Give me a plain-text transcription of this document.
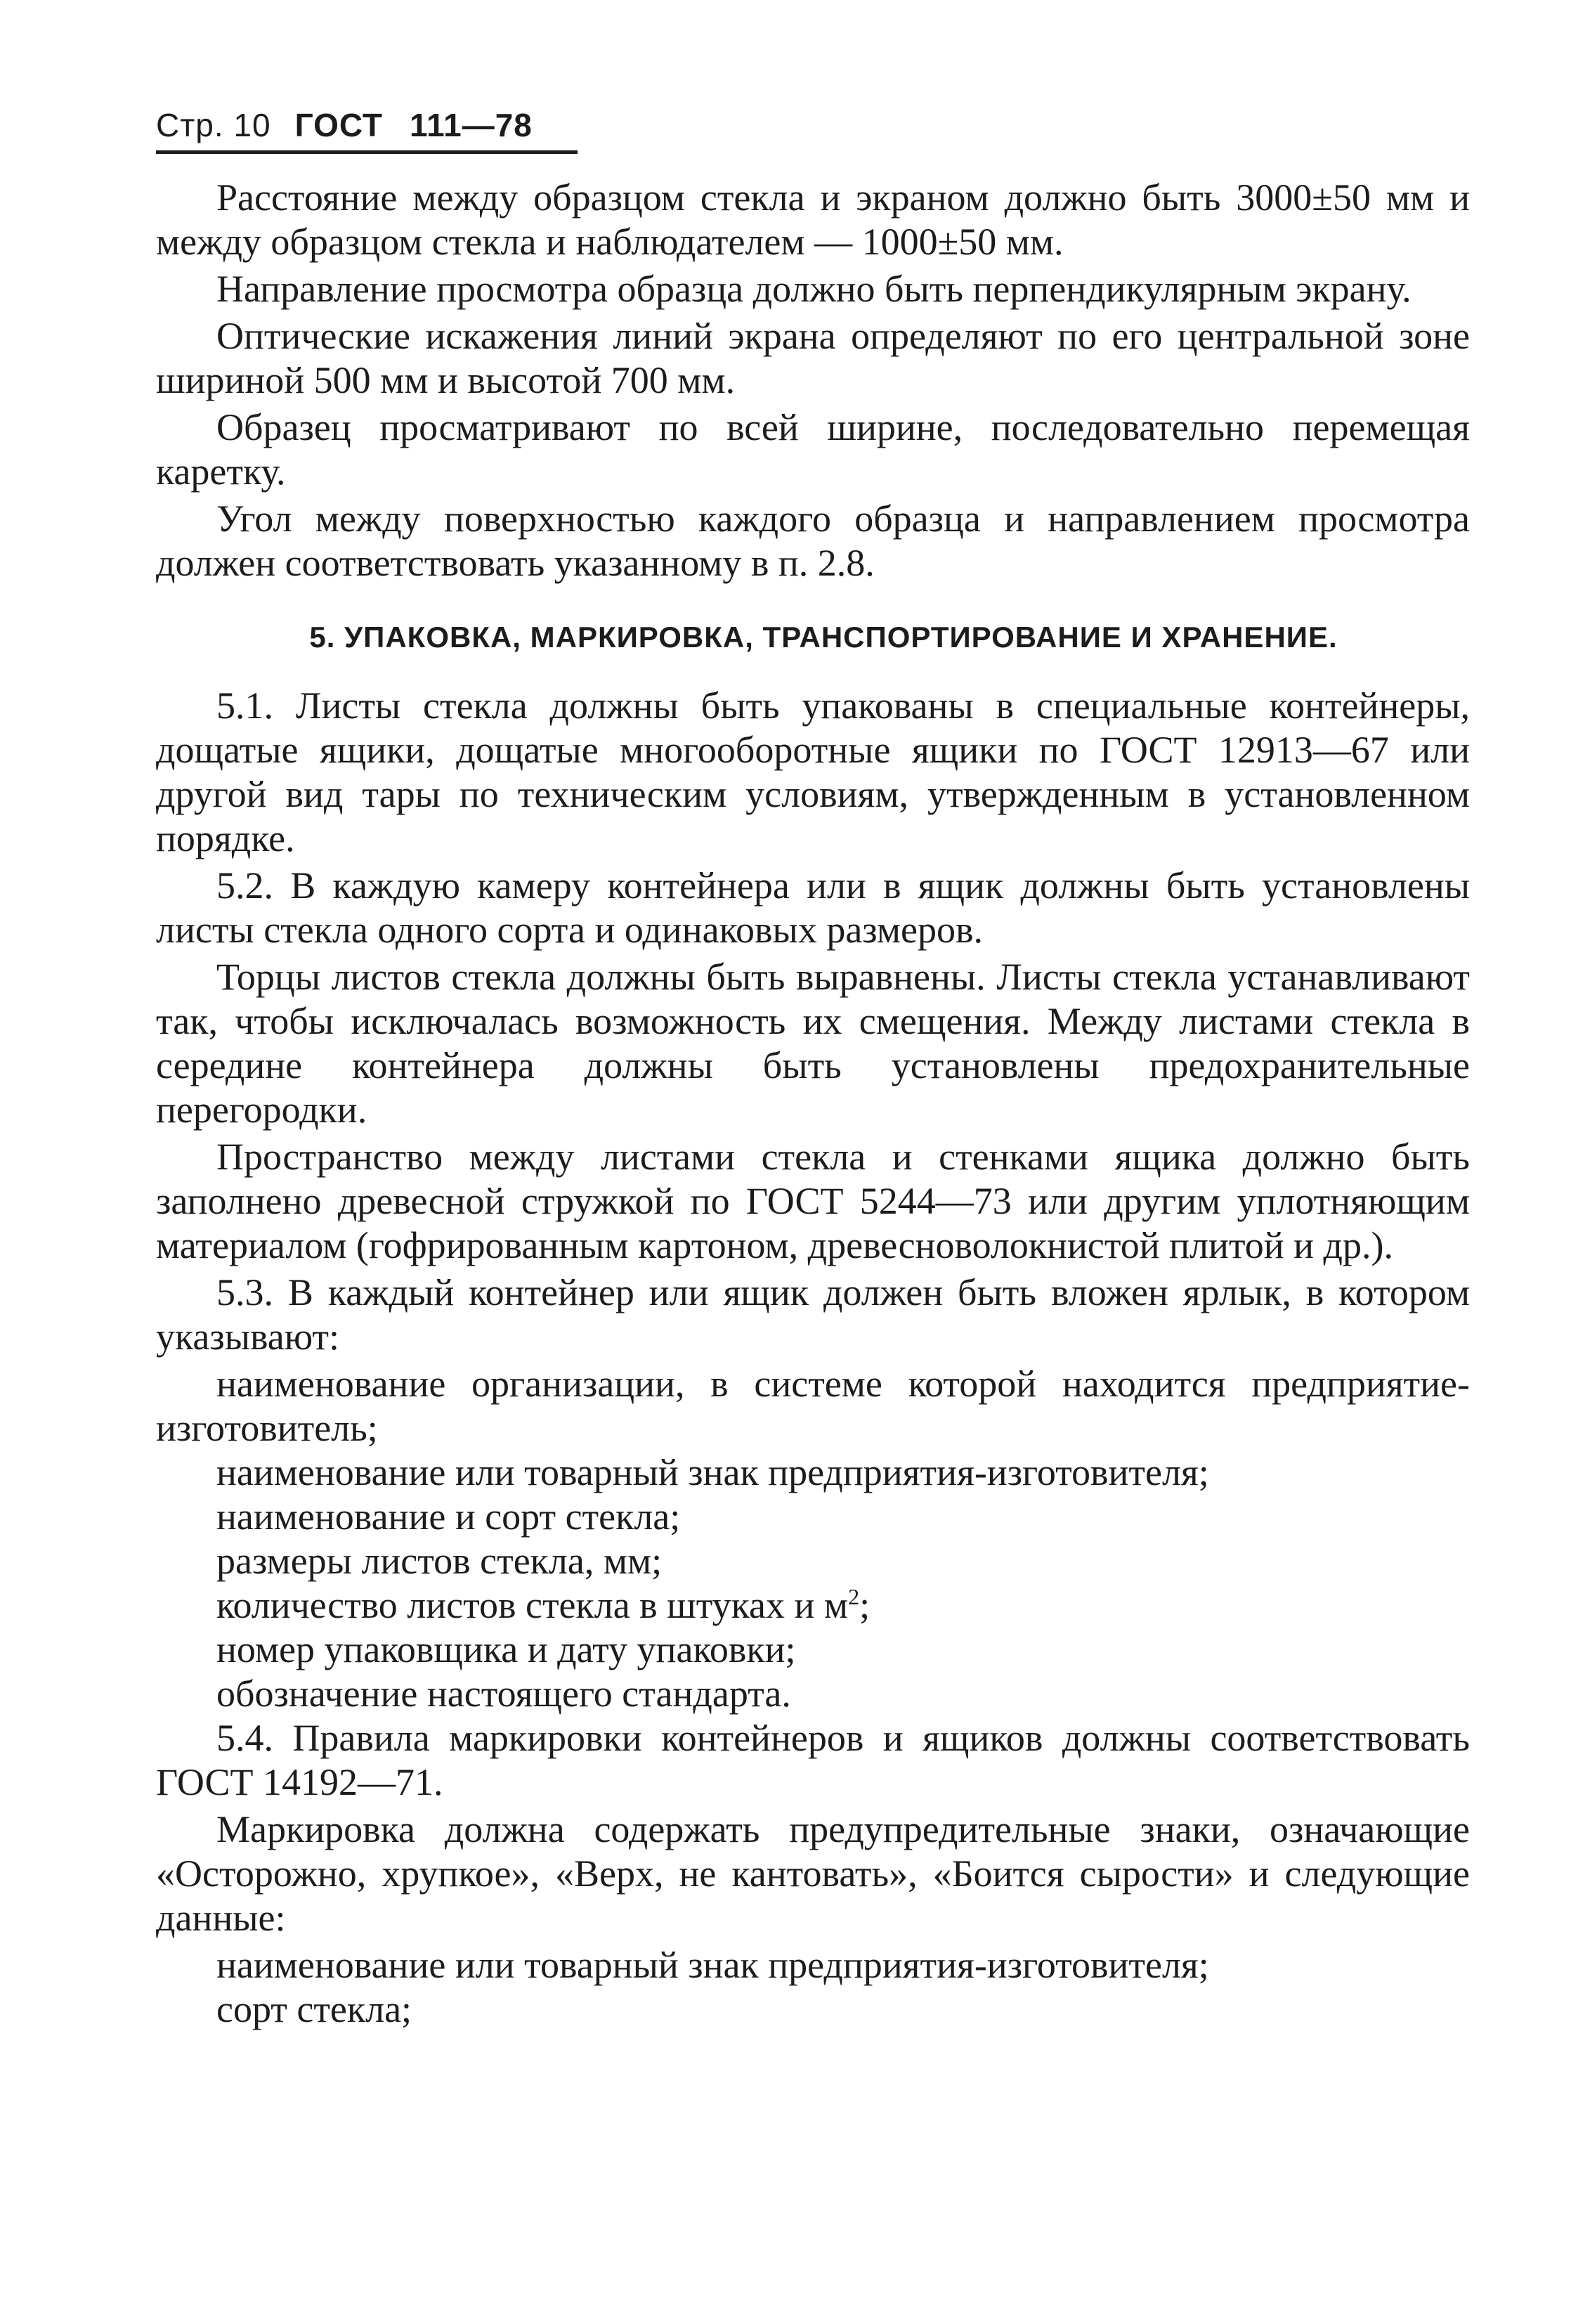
Стр. 10 ГОСТ 111—78

Расстояние между образцом стекла и экраном должно быть 3000±50 мм и между образцом стекла и наблюдателем — 1000±50 мм.

Направление просмотра образца должно быть перпендикулярным экрану.

Оптические искажения линий экрана определяют по его центральной зоне шириной 500 мм и высотой 700 мм.

Образец просматривают по всей ширине, последовательно перемещая каретку.

Угол между поверхностью каждого образца и направлением просмотра должен соответствовать указанному в п. 2.8.

5. УПАКОВКА, МАРКИРОВКА, ТРАНСПОРТИРОВАНИЕ И ХРАНЕНИЕ.

5.1. Листы стекла должны быть упакованы в специальные контейнеры, дощатые ящики, дощатые многооборотные ящики по ГОСТ 12913—67 или другой вид тары по техническим условиям, утвержденным в установленном порядке.

5.2. В каждую камеру контейнера или в ящик должны быть установлены листы стекла одного сорта и одинаковых размеров.

Торцы листов стекла должны быть выравнены. Листы стекла устанавливают так, чтобы исключалась возможность их смещения. Между листами стекла в середине контейнера должны быть установлены предохранительные перегородки.

Пространство между листами стекла и стенками ящика должно быть заполнено древесной стружкой по ГОСТ 5244—73 или другим уплотняющим материалом (гофрированным картоном, древесноволокнистой плитой и др.).

5.3. В каждый контейнер или ящик должен быть вложен ярлык, в котором указывают:

наименование организации, в системе которой находится предприятие-изготовитель;

наименование или товарный знак предприятия-изготовителя;

наименование и сорт стекла;

размеры листов стекла, мм;

количество листов стекла в штуках и $м^2$;

номер упаковщика и дату упаковки;

обозначение настоящего стандарта.

5.4. Правила маркировки контейнеров и ящиков должны соответствовать ГОСТ 14192—71.

Маркировка должна содержать предупредительные знаки, означающие «Осторожно, хрупкое», «Верх, не кантовать», «Боится сырости» и следующие данные:

наименование или товарный знак предприятия-изготовителя;

сорт стекла;
